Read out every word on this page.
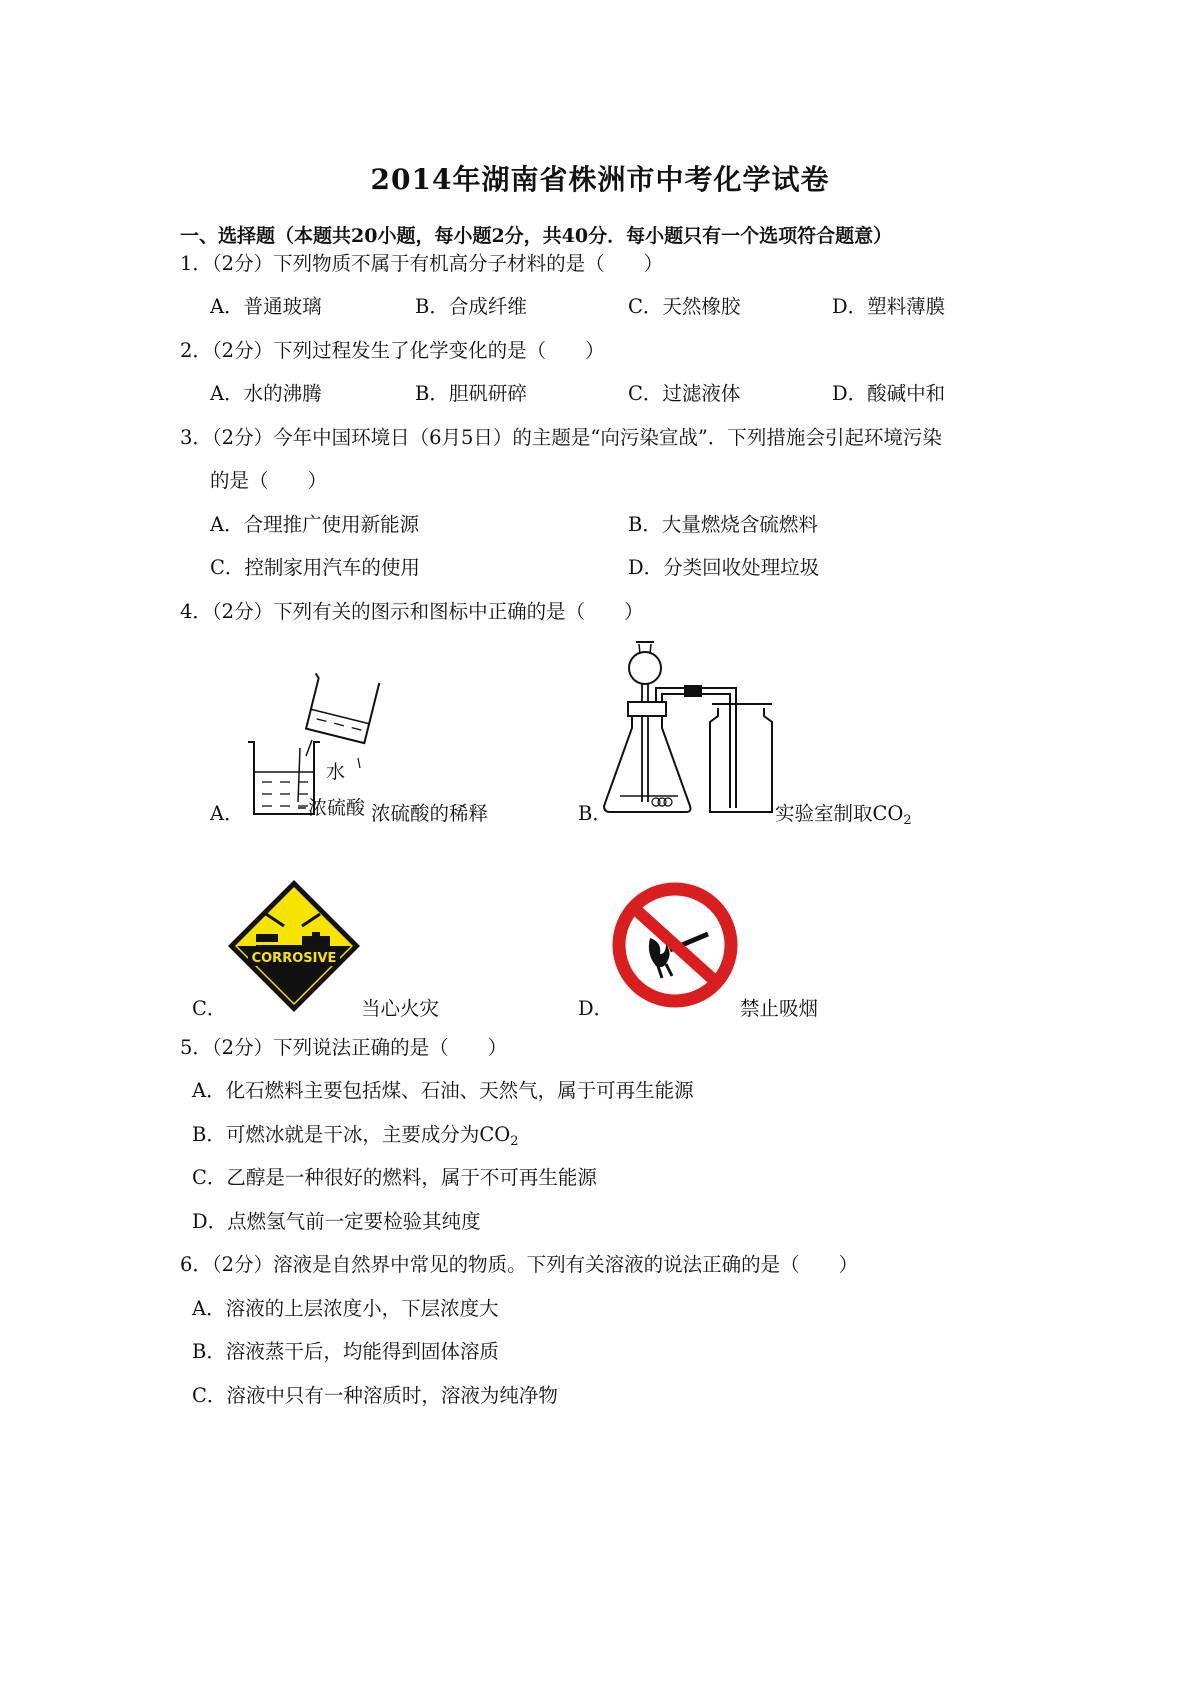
2014年湖南省株洲市中考化学试卷
一、选择题（本题共20小题，每小题2分，共40分．每小题只有一个选项符合题意）
1．（2分）下列物质不属于有机高分子材料的是（　　）
A．普通玻璃	B．合成纤维	C．天然橡胶	D．塑料薄膜
2．（2分）下列过程发生了化学变化的是（　　）
A．水的沸腾	B．胆矾研碎	C．过滤液体	D．酸碱中和
3．（2分）今年中国环境日（6月5日）的主题是“向污染宣战”．下列措施会引起环境污染
的是（　　）
A．合理推广使用新能源	B．大量燃烧含硫燃料
C．控制家用汽车的使用	D．分类回收处理垃圾
4．（2分）下列有关的图示和图标中正确的是（　　）
A．
水
浓硫酸 浓硫酸的稀释	B．	实验室制取$CO_2$
C．
CORROSIVE
当心火灾	D．	禁止吸烟
5．（2分）下列说法正确的是（　　）
A．化石燃料主要包括煤、石油、天然气，属于可再生能源
B．可燃冰就是干冰，主要成分为$CO_2$
C．乙醇是一种很好的燃料，属于不可再生能源
D．点燃氢气前一定要检验其纯度
6．（2分）溶液是自然界中常见的物质。下列有关溶液的说法正确的是（　　）
A．溶液的上层浓度小，下层浓度大
B．溶液蒸干后，均能得到固体溶质
C．溶液中只有一种溶质时，溶液为纯净物
